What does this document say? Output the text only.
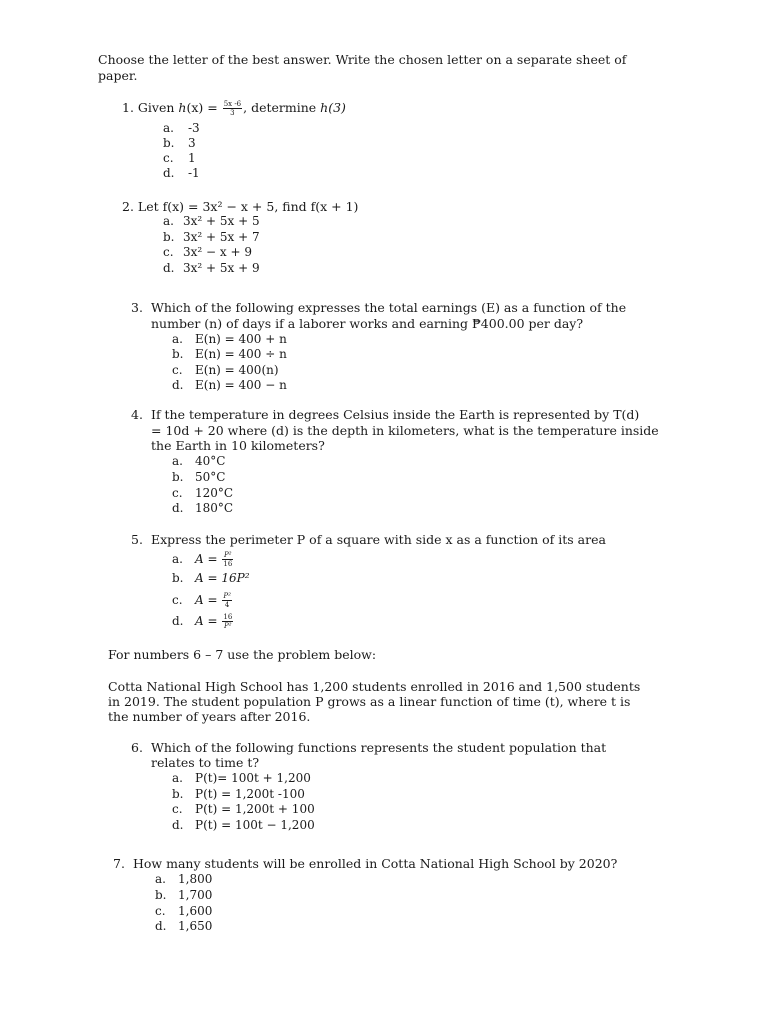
Choose the letter of the best answer. Write the chosen letter on a separate sheet of
paper.
1. Given $h(x) = \frac{5x -6}{3}$ , determine h(3)
a. -3
b. 3
c. 1
d. -1
2. Let f(x) = 3x² − x + 5, find f(x + 1)
a. 3x² + 5x + 5
b. 3x² + 5x + 7
c. 3x² − x + 9
d. 3x² + 5x + 9
3. Which of the following expresses the total earnings (E) as a function of the
number (n) of days if a laborer works and earning ₱400.00 per day?
a. E(n) = 400 + n
b. E(n) = 400 ÷ n
c. E(n) = 400(n)
d. E(n) = 400 − n
4. If the temperature in degrees Celsius inside the Earth is represented by T(d)
= 10d + 20 where (d) is the depth in kilometers, what is the temperature inside
the Earth in 10 kilometers?
a. 40°C
b. 50°C
c. 120°C
d. 180°C
5. Express the perimeter P of a square with side x as a function of its area
a. $A = \frac{\text{P²}}{16}$
b. A = 16P²
c. $A = \frac{\text{P²}}{4}$
d. $A = \frac{16}{\text{P²}}$
For numbers 6 – 7 use the problem below:
Cotta National High School has 1,200 students enrolled in 2016 and 1,500 students
in 2019. The student population P grows as a linear function of time (t), where t is
the number of years after 2016.
6. Which of the following functions represents the student population that
relates to time t?
a. P(t)= 100t + 1,200
b. P(t) = 1,200t -100
c. P(t) = 1,200t + 100
d. P(t) = 100t − 1,200
7. How many students will be enrolled in Cotta National High School by 2020?
a. 1,800
b. 1,700
c. 1,600
d. 1,650
